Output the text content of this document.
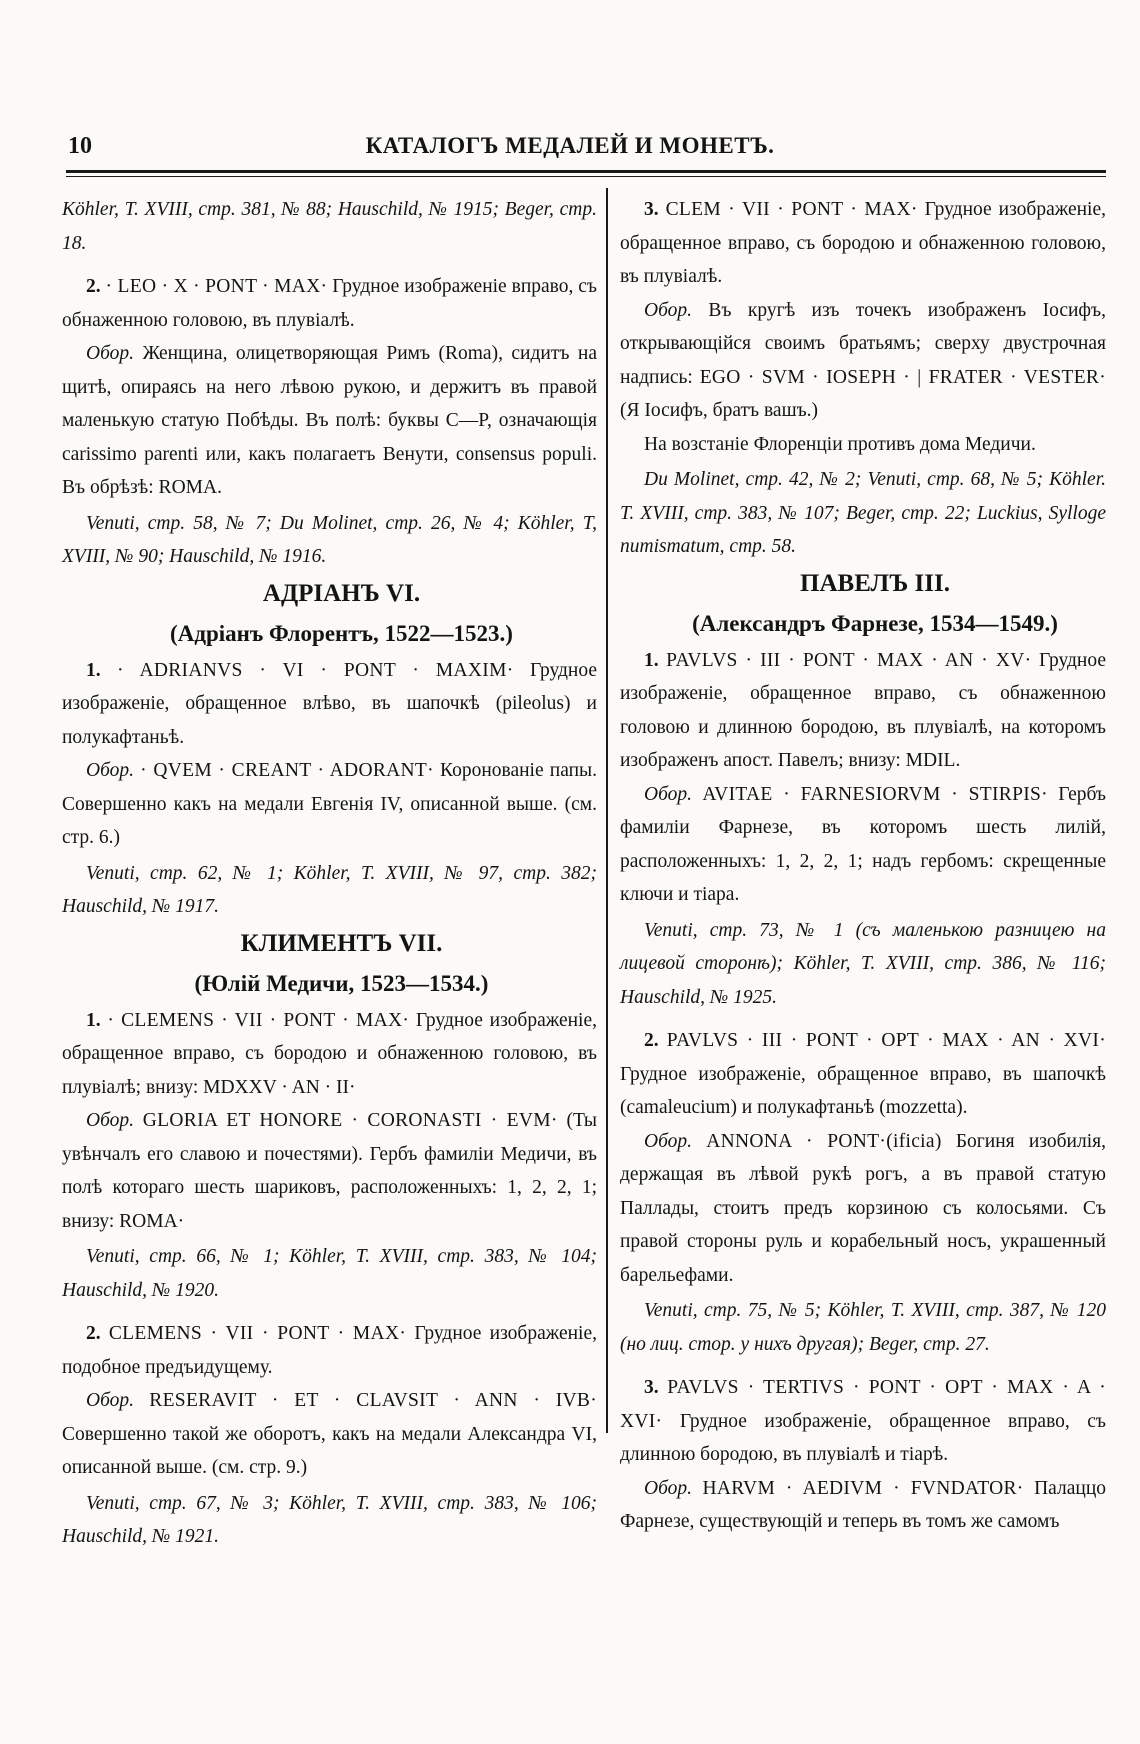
10	КАТАЛОГЪ МЕДАЛЕЙ И МОНЕТЪ.

Köhler, T. XVIII, стр. 381, № 88; Hauschild, № 1915; Beger, стр. 18.

2. · LEO · X · PONT · MAX· Грудное изображеніе вправо, съ обнаженною головою, въ плувіалѣ.

Обор. Женщина, олицетворяющая Римъ (Roma), сидитъ на щитѣ, опираясь на него лѣвою рукою, и держитъ въ правой маленькую статую Побѣды. Въ полѣ: буквы C—P, означающія carissimo parenti или, какъ полагаетъ Венути, consensus populi. Въ обрѣзѣ: ROMA.

Venuti, стр. 58, № 7; Du Molinet, стр. 26, № 4; Köhler, T, XVIII, № 90; Hauschild, № 1916.

АДРІАНЪ VI.

(Адріанъ Флорентъ, 1522—1523.)

1. · ADRIANVS · VI · PONT · MAXIM· Грудное изображеніе, обращенное влѣво, въ шапочкѣ (pileolus) и полукафтаньѣ.

Обор. · QVEM · CREANT · ADORANT· Коронованіе папы. Совершенно какъ на медали Евгенія IV, описанной выше. (см. стр. 6.)

Venuti, стр. 62, № 1; Köhler, T. XVIII, № 97, стр. 382; Hauschild, № 1917.

КЛИМЕНТЪ VII.

(Юлій Медичи, 1523—1534.)

1. · CLEMENS · VII · PONT · MAX· Грудное изображеніе, обращенное вправо, съ бородою и обнаженною головою, въ плувіалѣ; внизу: MDXXV · AN · II·

Обор. GLORIA ET HONORE · CORONASTI · EVM· (Ты увѣнчалъ его славою и почестями). Гербъ фамиліи Медичи, въ полѣ котораго шесть шариковъ, расположенныхъ: 1, 2, 2, 1; внизу: ROMA·

Venuti, стр. 66, № 1; Köhler, T. XVIII, стр. 383, № 104; Hauschild, № 1920.

2. CLEMENS · VII · PONT · MAX· Грудное изображеніе, подобное предъидущему.

Обор. RESERAVIT · ET · CLAVSIT · ANN · IVB· Совершенно такой же оборотъ, какъ на медали Александра VI, описанной выше. (см. стр. 9.)

Venuti, стр. 67, № 3; Köhler, T. XVIII, стр. 383, № 106; Hauschild, № 1921.

3. CLEM · VII · PONT · MAX· Грудное изображеніе, обращенное вправо, съ бородою и обнаженною головою, въ плувіалѣ.

Обор. Въ кругѣ изъ точекъ изображенъ Іосифъ, открывающійся своимъ братьямъ; сверху двустрочная надпись: EGO · SVM · IOSEPH · | FRATER · VESTER· (Я Іосифъ, братъ вашъ.)

На возстаніе Флоренціи противъ дома Медичи.

Du Molinet, стр. 42, № 2; Venuti, стр. 68, № 5; Köhler. T. XVIII, стр. 383, № 107; Beger, стр. 22; Luckius, Sylloge numismatum, стр. 58.

ПАВЕЛЪ III.

(Александръ Фарнезе, 1534—1549.)

1. PAVLVS · III · PONT · MAX · AN · XV· Грудное изображеніе, обращенное вправо, съ обнаженною головою и длинною бородою, въ плувіалѣ, на которомъ изображенъ апост. Павелъ; внизу: MDIL.

Обор. AVITAE · FARNESIORVM · STIRPIS· Гербъ фамиліи Фарнезе, въ которомъ шесть лилій, расположенныхъ: 1, 2, 2, 1; надъ гербомъ: скрещенные ключи и тіара.

Venuti, стр. 73, № 1 (съ маленькою разницею на лицевой сторонѣ); Köhler, T. XVIII, стр. 386, № 116; Hauschild, № 1925.

2. PAVLVS · III · PONT · OPT · MAX · AN · XVI· Грудное изображеніе, обращенное вправо, въ шапочкѣ (camaleucium) и полукафтаньѣ (mozzetta).

Обор. ANNONA · PONT·(ificia) Богиня изобилія, держащая въ лѣвой рукѣ рогъ, а въ правой статую Паллады, стоитъ предъ корзиною съ колосьями. Съ правой стороны руль и корабельный носъ, украшенный барельефами.

Venuti, стр. 75, № 5; Köhler, T. XVIII, стр. 387, № 120 (но лиц. стор. у нихъ другая); Beger, стр. 27.

3. PAVLVS · TERTIVS · PONT · OPT · MAX · A · XVI· Грудное изображеніе, обращенное вправо, съ длинною бородою, въ плувіалѣ и тіарѣ.

Обор. HARVM · AEDIVM · FVNDATOR· Палаццо Фарнезе, существующій и теперь въ томъ же самомъ
